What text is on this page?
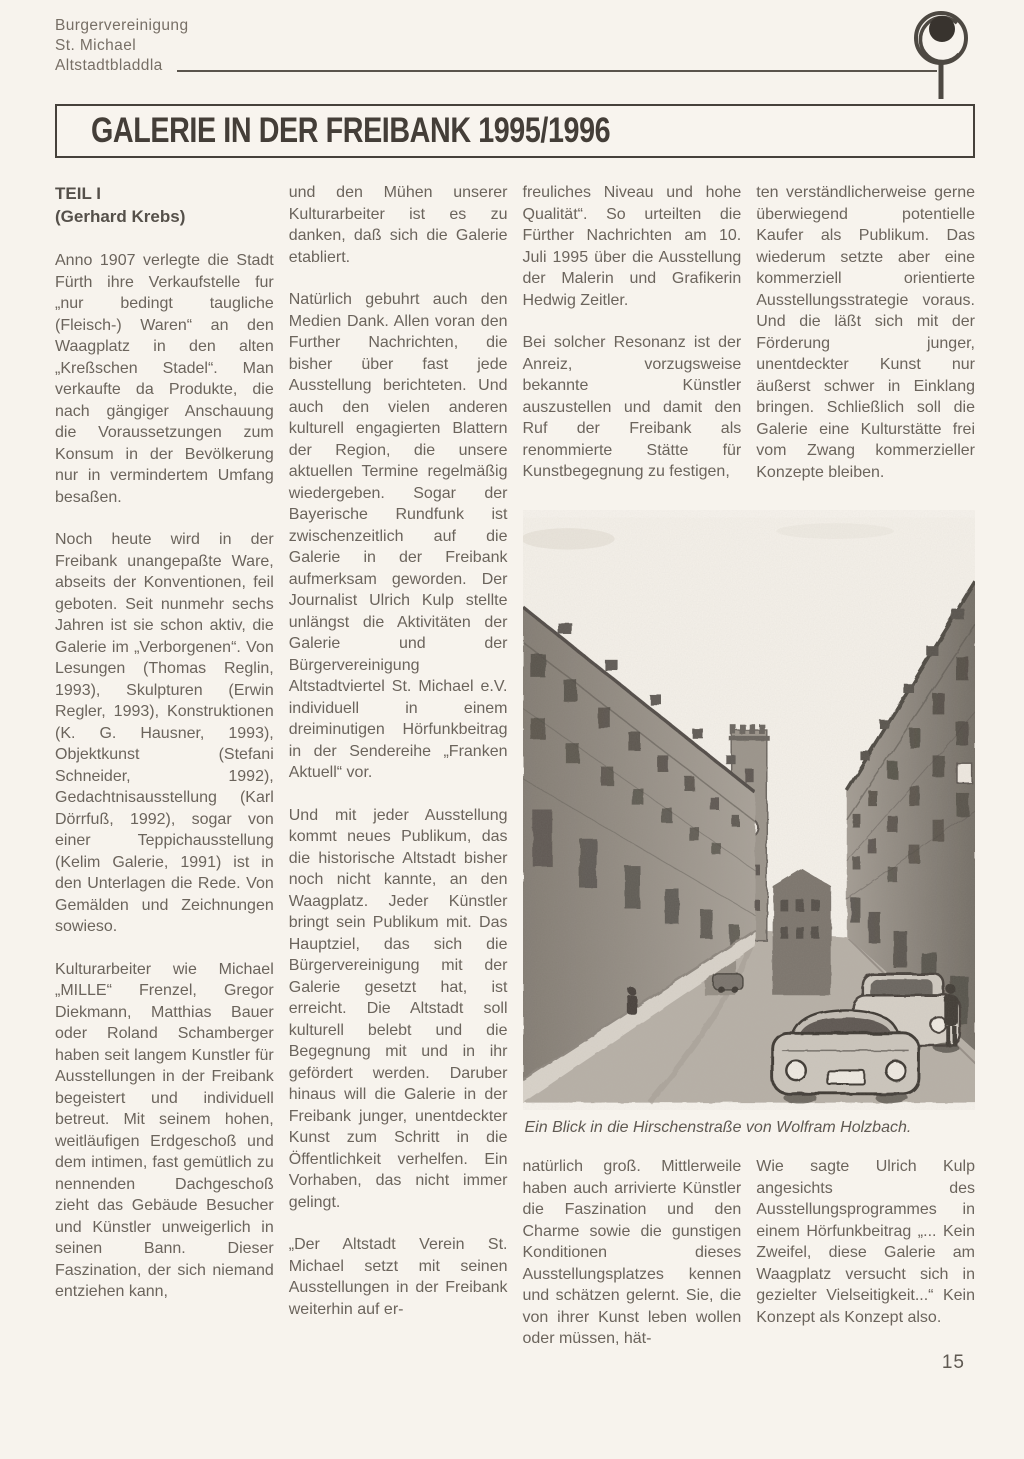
Burgervereinigung
St. Michael
Altstadtbladdla
GALERIE IN DER FREIBANK 1995/1996
TEIL I
(Gerhard Krebs)

Anno 1907 verlegte die Stadt Fürth ihre Verkaufstelle fur „nur bedingt taugliche (Fleisch-) Waren“ an den Waagplatz in den alten „Kreßschen Stadel“. Man verkaufte da Produkte, die nach gängiger Anschauung die Voraussetzungen zum Konsum in der Bevölkerung nur in vermindertem Umfang besaßen.

Noch heute wird in der Freibank unangepaßte Ware, abseits der Konventionen, feil geboten. Seit nunmehr sechs Jahren ist sie schon aktiv, die Galerie im „Verborgenen“. Von Lesungen (Thomas Reglin, 1993), Skulpturen (Erwin Regler, 1993), Konstruktionen (K. G. Hausner, 1993), Objektkunst (Stefani Schneider, 1992), Gedachtnisausstellung (Karl Dörrfuß, 1992), sogar von einer Teppichausstellung (Kelim Galerie, 1991) ist in den Unterlagen die Rede. Von Gemälden und Zeichnungen sowieso.

Kulturarbeiter wie Michael „MILLE“ Frenzel, Gregor Diekmann, Matthias Bauer oder Roland Schamberger haben seit langem Kunstler für Ausstellungen in der Freibank begeistert und individuell betreut. Mit seinem hohen, weitläufigen Erdgeschoß und dem intimen, fast gemütlich zu nennenden Dachgeschoß zieht das Gebäude Besucher und Künstler unweigerlich in seinen Bann. Dieser Faszination, der sich niemand entziehen kann,

und den Mühen unserer Kulturarbeiter ist es zu danken, daß sich die Galerie etabliert.

Natürlich gebuhrt auch den Medien Dank. Allen voran den Further Nachrichten, die bisher über fast jede Ausstellung berichteten. Und auch den vielen anderen kulturell engagierten Blattern der Region, die unsere aktuellen Termine regelmäßig wiedergeben. Sogar der Bayerische Rundfunk ist zwischenzeitlich auf die Galerie in der Freibank aufmerksam geworden. Der Journalist Ulrich Kulp stellte unlängst die Aktivitäten der Galerie und der Bürgervereinigung Altstadtviertel St. Michael e.V. individuell in einem dreiminutigen Hörfunkbeitrag in der Sendereihe „Franken Aktuell“ vor.

Und mit jeder Ausstellung kommt neues Publikum, das die historische Altstadt bisher noch nicht kannte, an den Waagplatz. Jeder Künstler bringt sein Publikum mit. Das Hauptziel, das sich die Bürgervereinigung mit der Galerie gesetzt hat, ist erreicht. Die Altstadt soll kulturell belebt und die Begegnung mit und in ihr gefördert werden. Daruber hinaus will die Galerie in der Freibank junger, unentdeckter Kunst zum Schritt in die Öffentlichkeit verhelfen. Ein Vorhaben, das nicht immer gelingt.

„Der Altstadt Verein St. Michael setzt mit seinen Ausstellungen in der Freibank weiterhin auf er-

freuliches Niveau und hohe Qualität“. So urteilten die Fürther Nachrichten am 10. Juli 1995 über die Ausstellung der Malerin und Grafikerin Hedwig Zeitler.

Bei solcher Resonanz ist der Anreiz, vorzugsweise bekannte Künstler auszustellen und damit den Ruf der Freibank als renommierte Stätte für Kunstbegegnung zu festigen,

ten verständlicherweise gerne überwiegend potentielle Kaufer als Publikum. Das wiederum setzte aber eine kommerziell orientierte Ausstellungsstrategie voraus. Und die läßt sich mit der Förderung junger, unentdeckter Kunst nur äußerst schwer in Einklang bringen. Schließlich soll die Galerie eine Kulturstätte frei vom Zwang kommerzieller Konzepte bleiben.

Ein Blick in die Hirschenstraße von Wolfram Holzbach.

natürlich groß. Mittlerweile haben auch arrivierte Künstler die Faszination und den Charme sowie die gunstigen Konditionen dieses Ausstellungsplatzes kennen und schätzen gelernt. Sie, die von ihrer Kunst leben wollen oder müssen, hät-

Wie sagte Ulrich Kulp angesichts des Ausstellungsprogrammes in einem Hörfunkbeitrag „... Kein Zweifel, diese Galerie am Waagplatz versucht sich in gezielter Vielseitigkeit...“ Kein Konzept als Konzept also.

15
